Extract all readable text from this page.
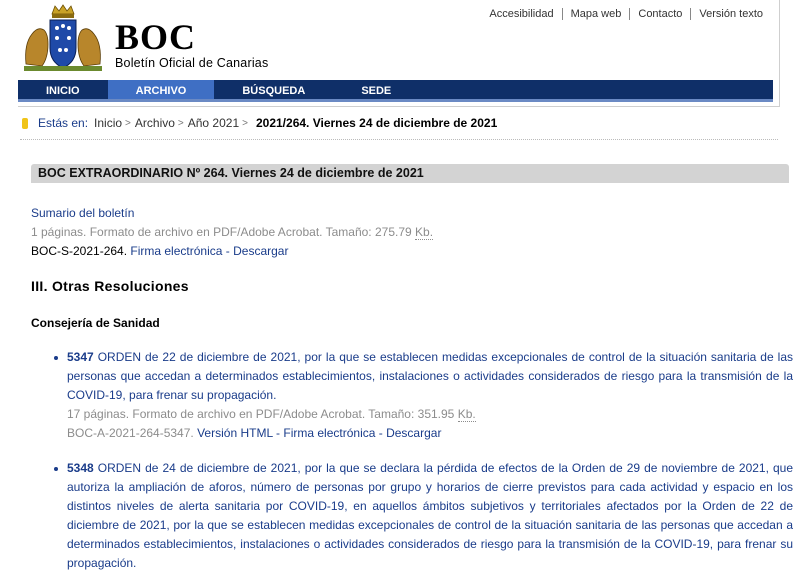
BOC
Boletín Oficial de Canarias
Accesibilidad	Mapa web	Contacto	Versión texto
INICIO	ARCHIVO	BÚSQUEDA	SEDE
Estás en: Inicio > Archivo > Año 2021 > 2021/264. Viernes 24 de diciembre de 2021
BOC EXTRAORDINARIO Nº 264. Viernes 24 de diciembre de 2021
Sumario del boletín
1 páginas. Formato de archivo en PDF/Adobe Acrobat. Tamaño: 275.79 Kb.
BOC-S-2021-264. Firma electrónica - Descargar
III. Otras Resoluciones
Consejería de Sanidad

5347 ORDEN de 22 de diciembre de 2021, por la que se establecen medidas excepcionales de control de la situación sanitaria de las personas que accedan a determinados establecimientos, instalaciones o actividades considerados de riesgo para la transmisión de la COVID-19, para frenar su propagación.

17 páginas. Formato de archivo en PDF/Adobe Acrobat. Tamaño: 351.95 Kb.

BOC-A-2021-264-5347. Versión HTML - Firma electrónica - Descargar

5348 ORDEN de 24 de diciembre de 2021, por la que se declara la pérdida de efectos de la Orden de 29 de noviembre de 2021, que autoriza la ampliación de aforos, número de personas por grupo y horarios de cierre previstos para cada actividad y espacio en los distintos niveles de alerta sanitaria por COVID-19, en aquellos ámbitos subjetivos y territoriales afectados por la Orden de 22 de diciembre de 2021, por la que se establecen medidas excepcionales de control de la situación sanitaria de las personas que accedan a determinados establecimientos, instalaciones o actividades considerados de riesgo para la transmisión de la COVID-19, para frenar su propagación.
